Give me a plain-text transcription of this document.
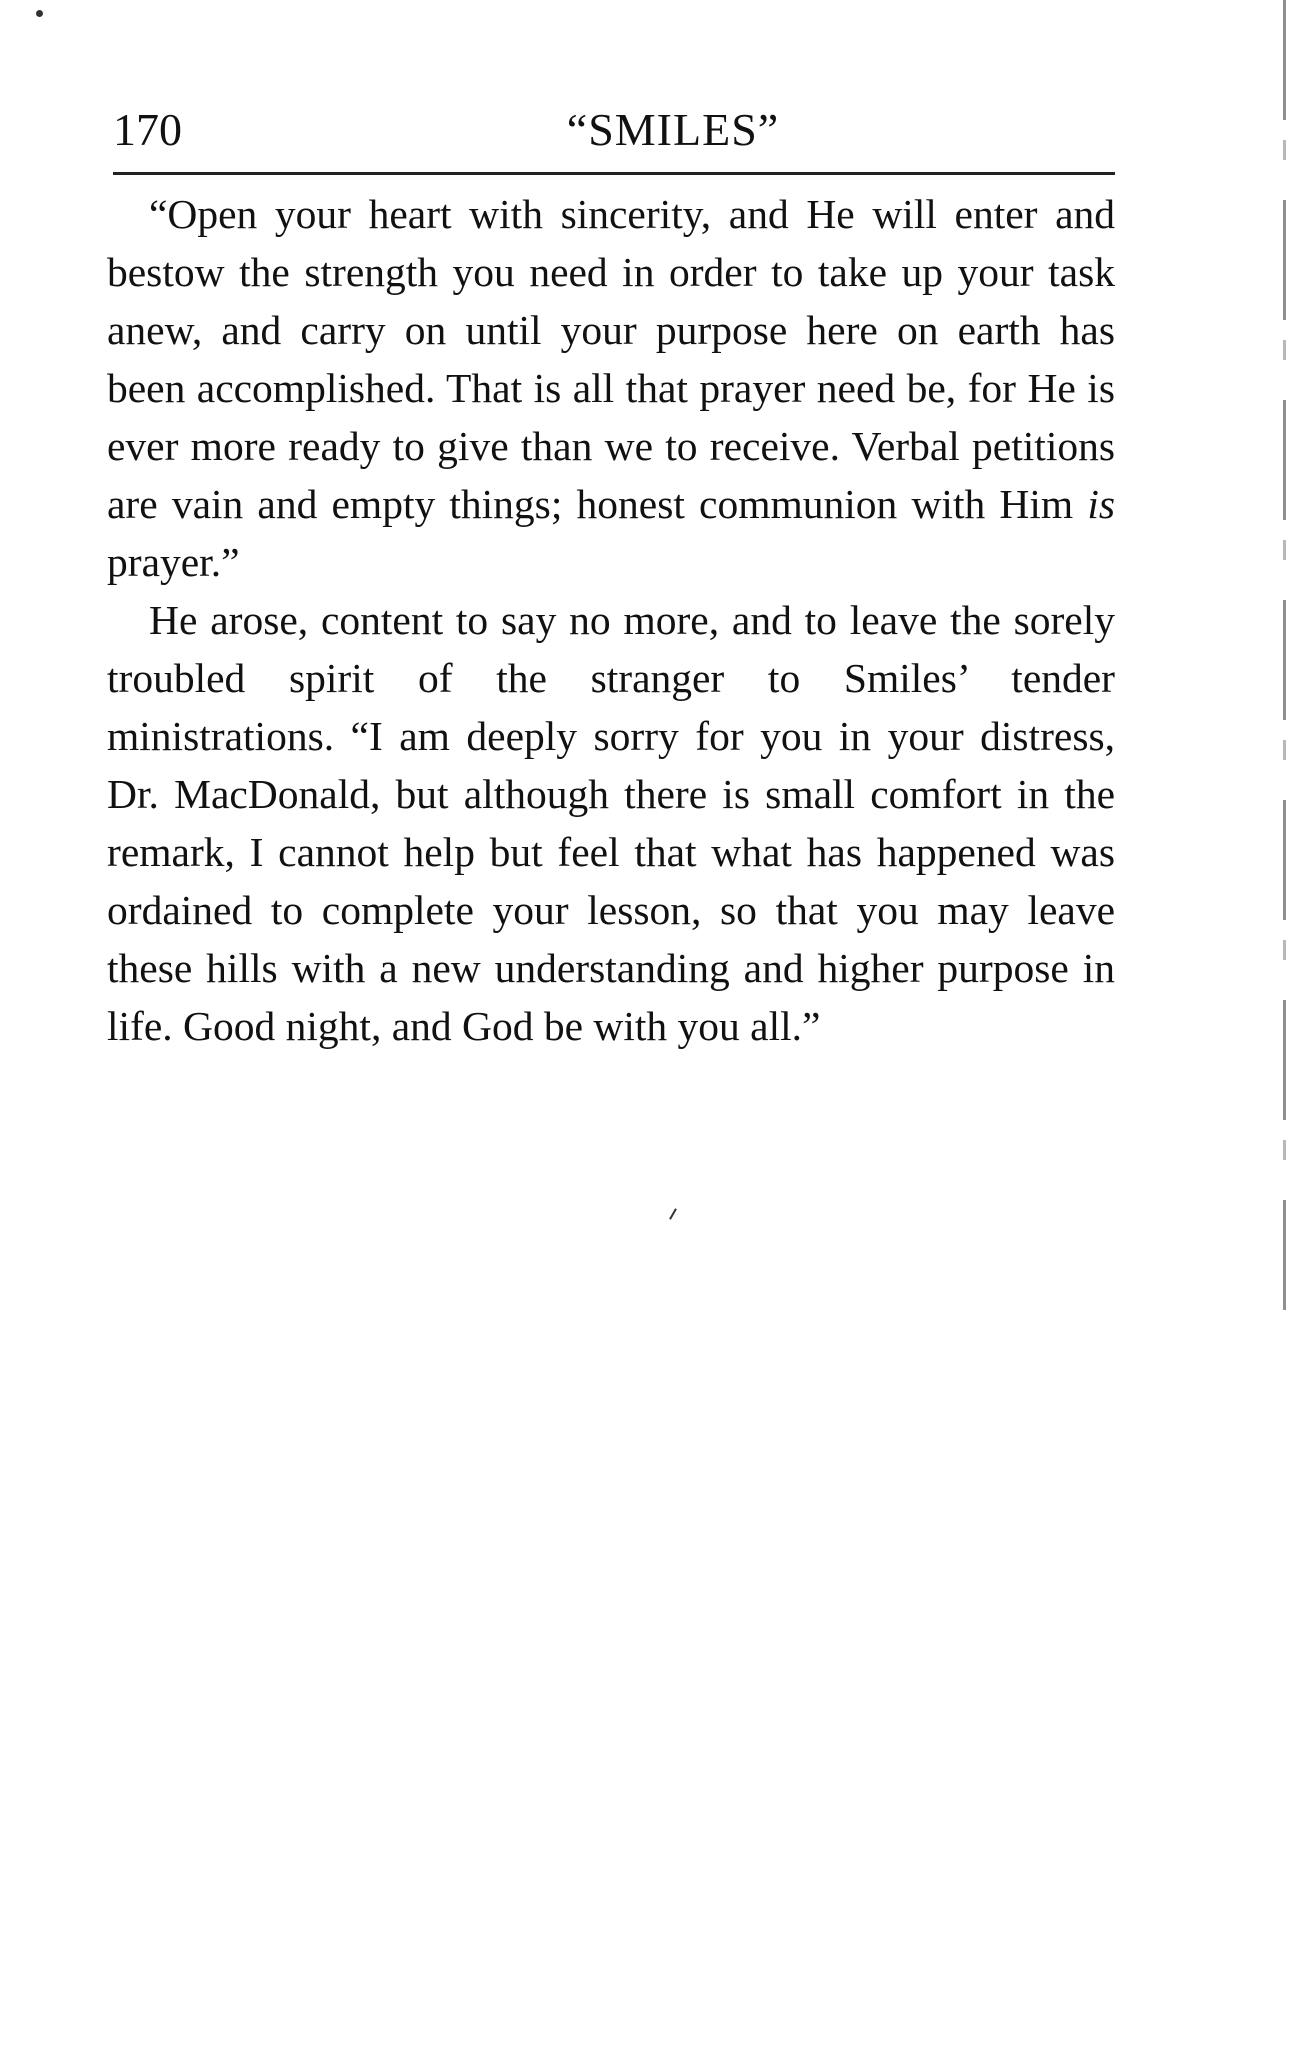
170	“SMILES”

“Open your heart with sincerity, and He will enter and bestow the strength you need in order to take up your task anew, and carry on until your purpose here on earth has been accomplished. That is all that prayer need be, for He is ever more ready to give than we to receive. Verbal petitions are vain and empty things; honest communion with Him is prayer.”

He arose, content to say no more, and to leave the sorely troubled spirit of the stranger to Smiles’ tender ministrations. “I am deeply sorry for you in your distress, Dr. MacDonald, but although there is small comfort in the remark, I cannot help but feel that what has happened was ordained to complete your lesson, so that you may leave these hills with a new understanding and higher purpose in life. Good night, and God be with you all.”
